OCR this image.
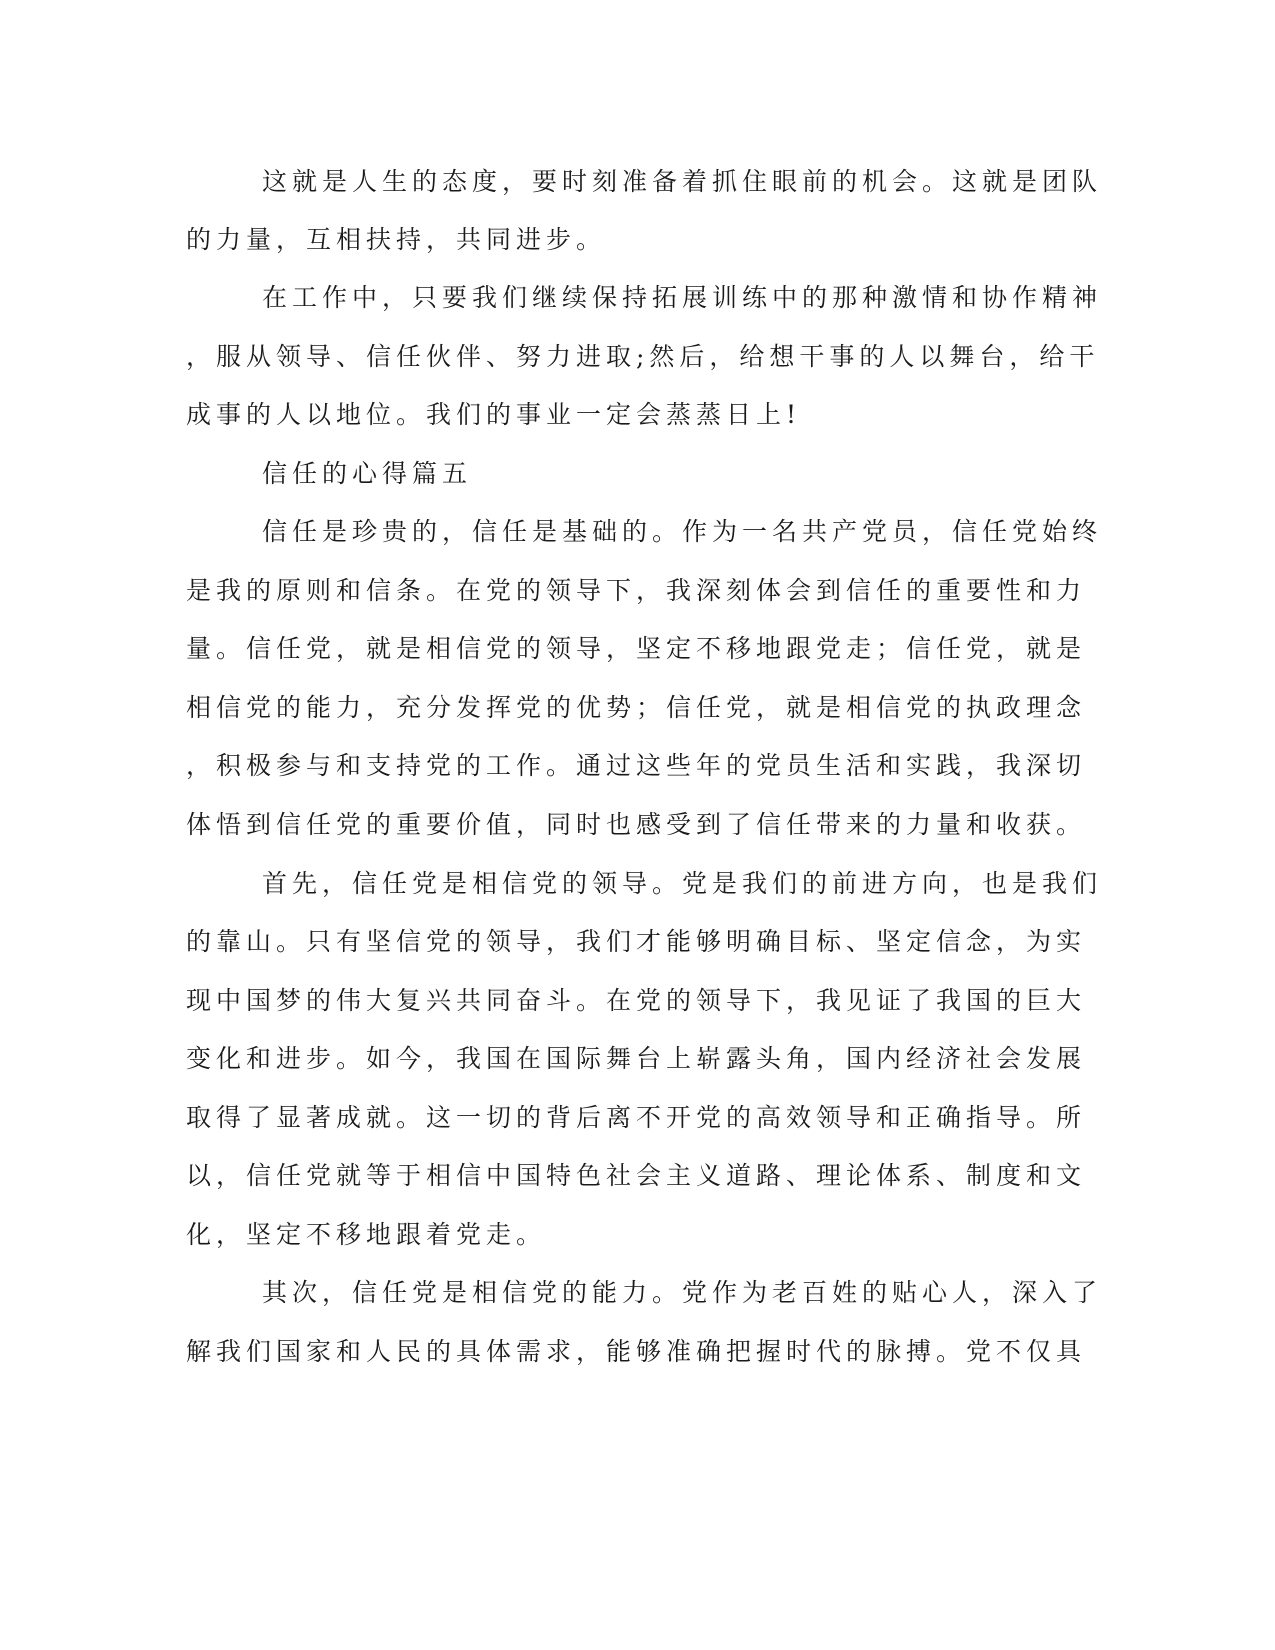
这就是人生的态度，要时刻准备着抓住眼前的机会。这就是团队

的力量，互相扶持，共同进步。

在工作中，只要我们继续保持拓展训练中的那种激情和协作精神

，服从领导、信任伙伴、努力进取;然后，给想干事的人以舞台，给干

成事的人以地位。我们的事业一定会蒸蒸日上!

信任的心得篇五

信任是珍贵的，信任是基础的。作为一名共产党员，信任党始终

是我的原则和信条。在党的领导下，我深刻体会到信任的重要性和力

量。信任党，就是相信党的领导，坚定不移地跟党走；信任党，就是

相信党的能力，充分发挥党的优势；信任党，就是相信党的执政理念

，积极参与和支持党的工作。通过这些年的党员生活和实践，我深切

体悟到信任党的重要价值，同时也感受到了信任带来的力量和收获。

首先，信任党是相信党的领导。党是我们的前进方向，也是我们

的靠山。只有坚信党的领导，我们才能够明确目标、坚定信念，为实

现中国梦的伟大复兴共同奋斗。在党的领导下，我见证了我国的巨大

变化和进步。如今，我国在国际舞台上崭露头角，国内经济社会发展

取得了显著成就。这一切的背后离不开党的高效领导和正确指导。所

以，信任党就等于相信中国特色社会主义道路、理论体系、制度和文

化，坚定不移地跟着党走。

其次，信任党是相信党的能力。党作为老百姓的贴心人，深入了

解我们国家和人民的具体需求，能够准确把握时代的脉搏。党不仅具
